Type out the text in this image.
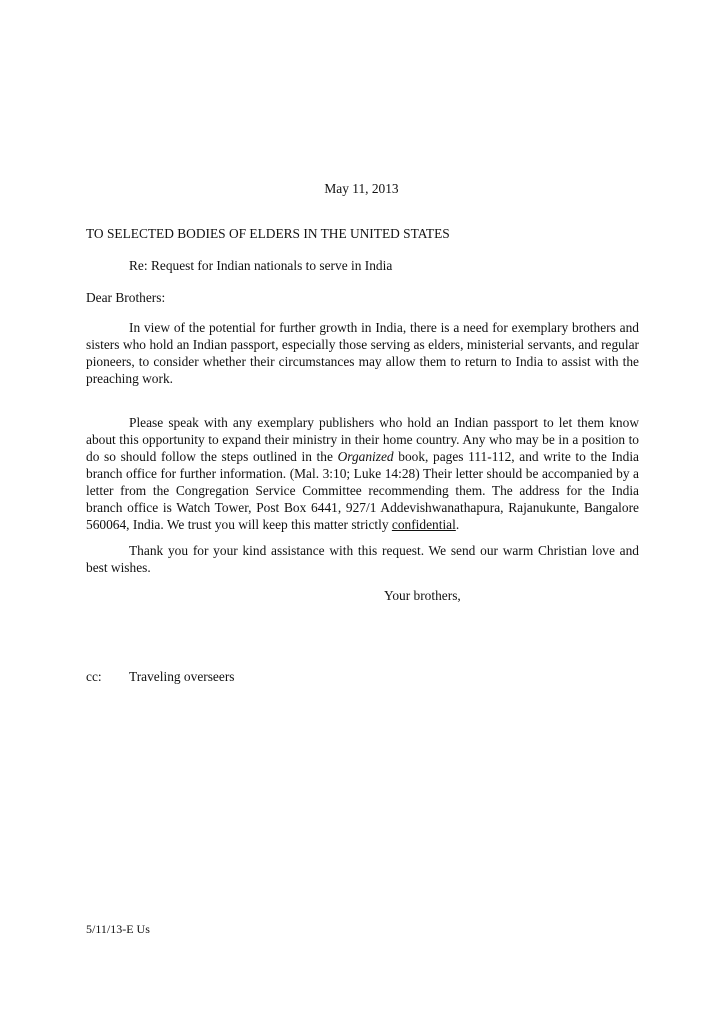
May 11, 2013
TO SELECTED BODIES OF ELDERS IN THE UNITED STATES
Re: Request for Indian nationals to serve in India
Dear Brothers:

In view of the potential for further growth in India, there is a need for exemplary brothers and sisters who hold an Indian passport, especially those serving as elders, ministerial servants, and regular pioneers, to consider whether their circumstances may allow them to return to India to assist with the preaching work.

Please speak with any exemplary publishers who hold an Indian passport to let them know about this opportunity to expand their ministry in their home country. Any who may be in a position to do so should follow the steps outlined in the Organized book, pages 111-112, and write to the India branch office for further information. (Mal. 3:10; Luke 14:28) Their letter should be accompanied by a letter from the Congregation Service Committee recommending them. The address for the India branch office is Watch Tower, Post Box 6441, 927/1 Addevishwanathapura, Rajanukunte, Bangalore 560064, India. We trust you will keep this matter strictly confidential.

Thank you for your kind assistance with this request. We send our warm Christian love and best wishes.

Your brothers,
cc: Traveling overseers
5/11/13-E Us
